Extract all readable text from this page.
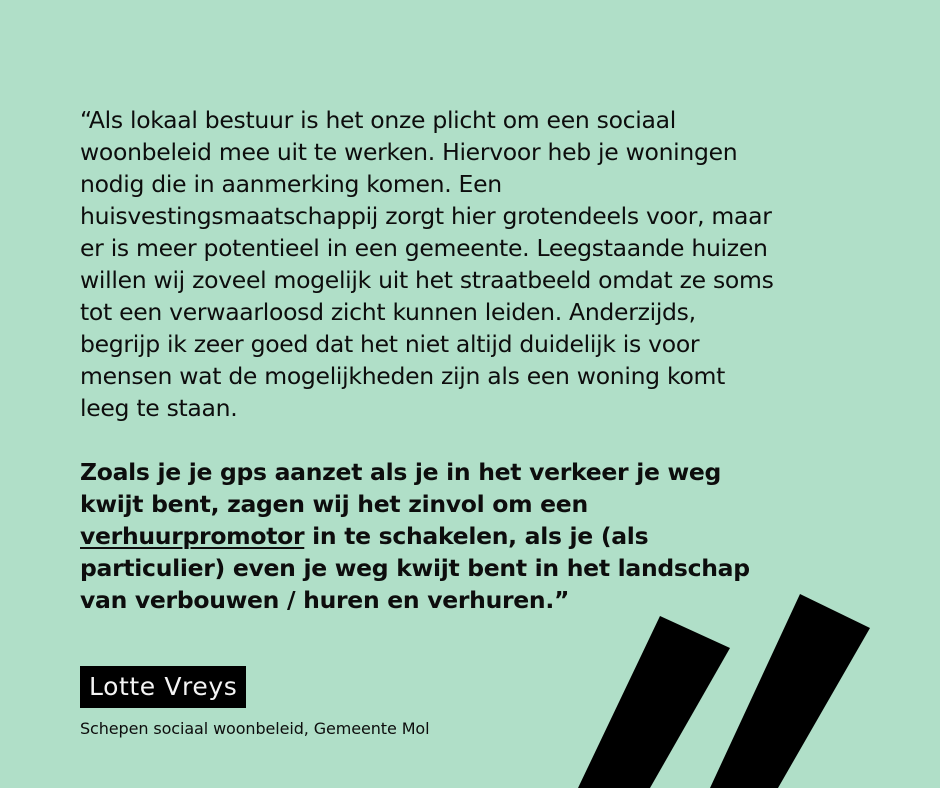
“Als lokaal bestuur is het onze plicht om een sociaal woonbeleid mee uit te werken. Hiervoor heb je woningen nodig die in aanmerking komen. Een huisvestingsmaatschappij zorgt hier grotendeels voor, maar er is meer potentieel in een gemeente. Leegstaande huizen willen wij zoveel mogelijk uit het straatbeeld omdat ze soms tot een verwaarloosd zicht kunnen leiden. Anderzijds, begrijp ik zeer goed dat het niet altijd duidelijk is voor mensen wat de mogelijkheden zijn als een woning komt leeg te staan.

Zoals je je gps aanzet als je in het verkeer je weg kwijt bent, zagen wij het zinvol om een verhuurpromotor in te schakelen, als je (als particulier) even je weg kwijt bent in het landschap van verbouwen / huren en verhuren.”

Lotte Vreys
Schepen sociaal woonbeleid, Gemeente Mol
